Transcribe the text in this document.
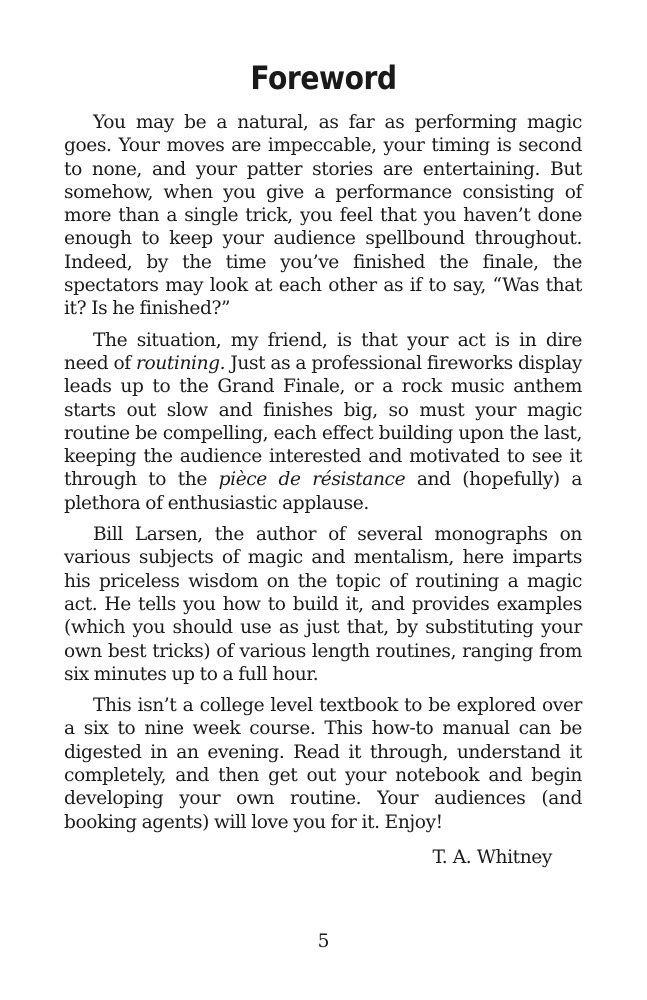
Foreword

You may be a natural, as far as performing magic goes. Your moves are impeccable, your timing is second to none, and your patter stories are entertaining. But somehow, when you give a performance consisting of more than a single trick, you feel that you haven’t done enough to keep your audience spellbound throughout. Indeed, by the time you’ve finished the finale, the spectators may look at each other as if to say, “Was that it? Is he finished?”

The situation, my friend, is that your act is in dire need of routining. Just as a professional fireworks display leads up to the Grand Finale, or a rock music anthem starts out slow and finishes big, so must your magic routine be compelling, each effect building upon the last, keeping the audience interested and motivated to see it through to the pièce de résistance and (hopefully) a plethora of enthusiastic applause.

Bill Larsen, the author of several monographs on various subjects of magic and mentalism, here imparts his priceless wisdom on the topic of routining a magic act. He tells you how to build it, and provides examples (which you should use as just that, by substituting your own best tricks) of various length routines, ranging from six minutes up to a full hour.

This isn’t a college level textbook to be explored over a six to nine week course. This how-to manual can be digested in an evening. Read it through, understand it completely, and then get out your notebook and begin developing your own routine. Your audiences (and booking agents) will love you for it. Enjoy!

T. A. Whitney
5
